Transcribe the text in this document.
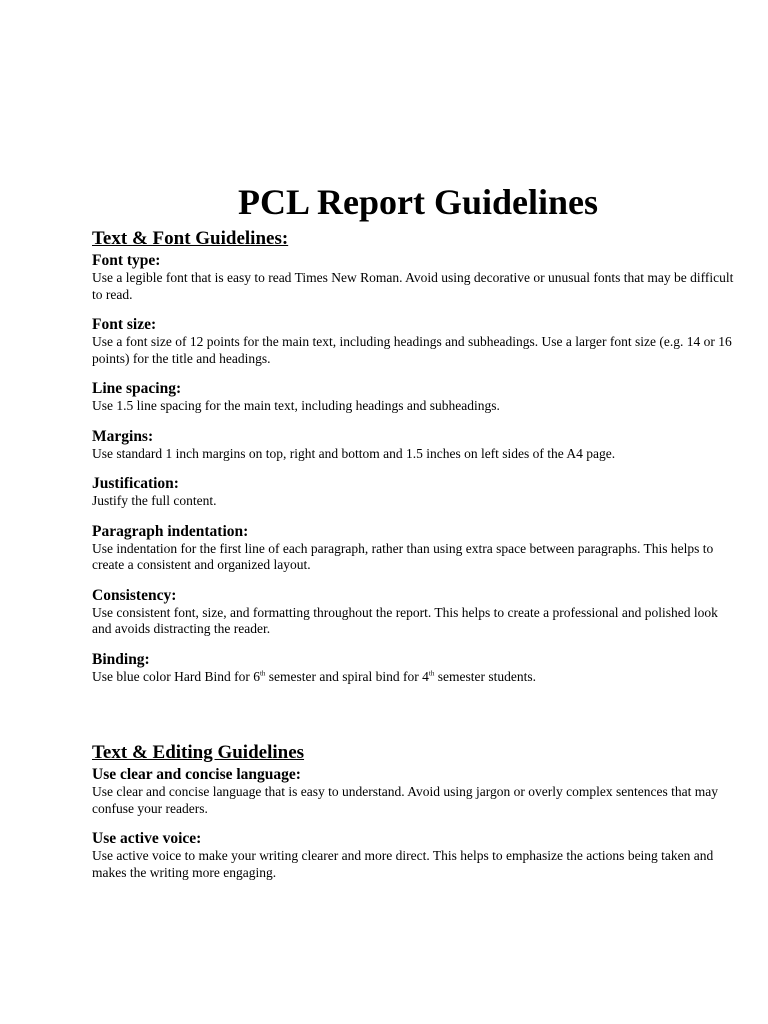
PCL Report Guidelines
Text & Font Guidelines:

Font type:

Use a legible font that is easy to read Times New Roman. Avoid using decorative or unusual fonts that may be difficult to read.

Font size:

Use a font size of 12 points for the main text, including headings and subheadings. Use a larger font size (e.g. 14 or 16 points) for the title and headings.

Line spacing:

Use 1.5 line spacing for the main text, including headings and subheadings.

Margins:

Use standard 1 inch margins on top, right and bottom and 1.5 inches on left sides of the A4 page.

Justification:

Justify the full content.

Paragraph indentation:

Use indentation for the first line of each paragraph, rather than using extra space between paragraphs. This helps to create a consistent and organized layout.

Consistency:

Use consistent font, size, and formatting throughout the report. This helps to create a professional and polished look and avoids distracting the reader.

Binding:

Use blue color Hard Bind for 6th semester and spiral bind for 4th semester students.

Text & Editing Guidelines

Use clear and concise language:

Use clear and concise language that is easy to understand. Avoid using jargon or overly complex sentences that may confuse your readers.

Use active voice:

Use active voice to make your writing clearer and more direct. This helps to emphasize the actions being taken and makes the writing more engaging.
